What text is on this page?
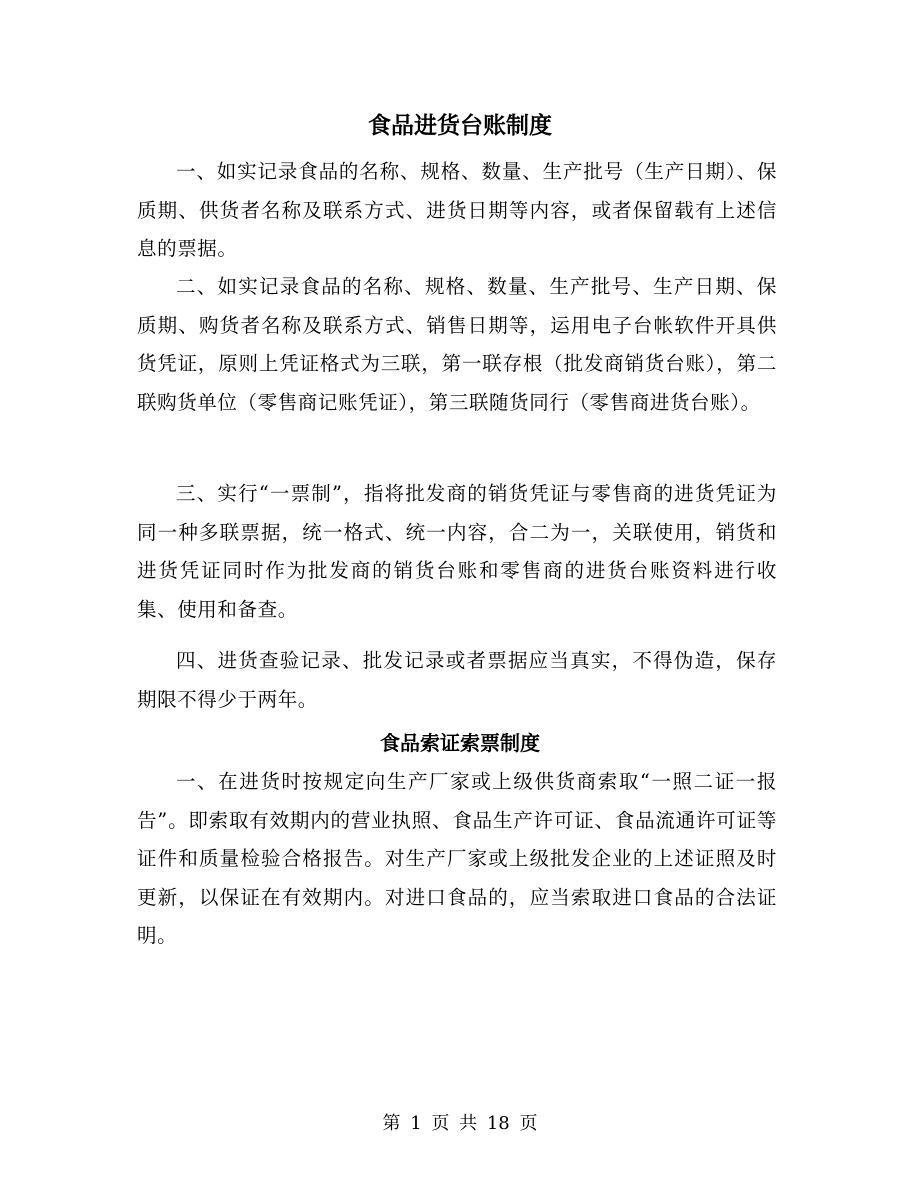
食品进货台账制度

一、如实记录食品的名称、规格、数量、生产批号（生产日期）、保质期、供货者名称及联系方式、进货日期等内容，或者保留载有上述信息的票据。

二、如实记录食品的名称、规格、数量、生产批号、生产日期、保质期、购货者名称及联系方式、销售日期等，运用电子台帐软件开具供货凭证，原则上凭证格式为三联，第一联存根（批发商销货台账），第二联购货单位（零售商记账凭证），第三联随货同行（零售商进货台账）。

三、实行“一票制”，指将批发商的销货凭证与零售商的进货凭证为同一种多联票据，统一格式、统一内容，合二为一，关联使用，销货和进货凭证同时作为批发商的销货台账和零售商的进货台账资料进行收集、使用和备查。

四、进货查验记录、批发记录或者票据应当真实，不得伪造，保存期限不得少于两年。

食品索证索票制度

一、在进货时按规定向生产厂家或上级供货商索取“一照二证一报告”。即索取有效期内的营业执照、食品生产许可证、食品流通许可证等证件和质量检验合格报告。对生产厂家或上级批发企业的上述证照及时更新，以保证在有效期内。对进口食品的，应当索取进口食品的合法证明。

第 1 页 共 18 页
